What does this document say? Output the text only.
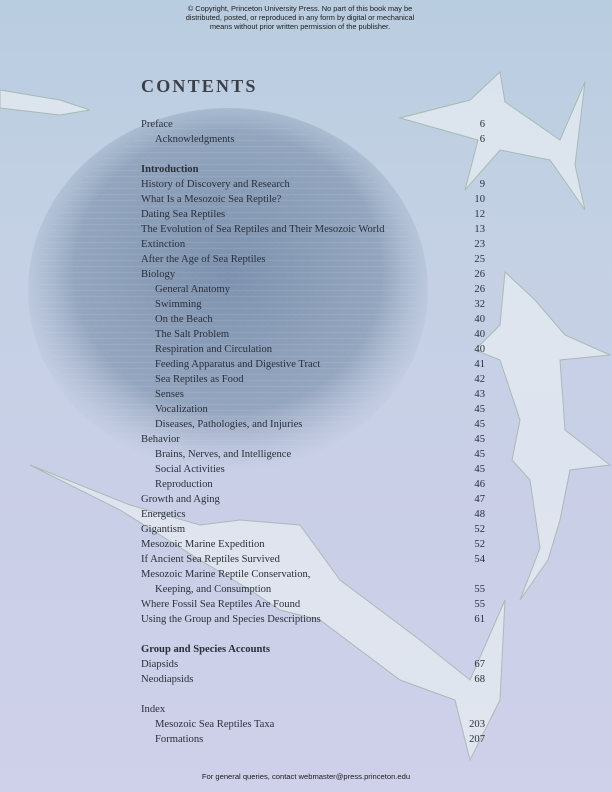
© Copyright, Princeton University Press. No part of this book may be
distributed, posted, or reproduced in any form by digital or mechanical
means without prior written permission of the publisher.
CONTENTS
Preface	6
Acknowledgments	6
Introduction
History of Discovery and Research	9
What Is a Mesozoic Sea Reptile?	10
Dating Sea Reptiles	12
The Evolution of Sea Reptiles and Their Mesozoic World	13
Extinction	23
After the Age of Sea Reptiles	25
Biology	26
General Anatomy	26
Swimming	32
On the Beach	40
The Salt Problem	40
Respiration and Circulation	40
Feeding Apparatus and Digestive Tract	41
Sea Reptiles as Food	42
Senses	43
Vocalization	45
Diseases, Pathologies, and Injuries	45
Behavior	45
Brains, Nerves, and Intelligence	45
Social Activities	45
Reproduction	46
Growth and Aging	47
Energetics	48
Gigantism	52
Mesozoic Marine Expedition	52
If Ancient Sea Reptiles Survived	54
Mesozoic Marine Reptile Conservation,
Keeping, and Consumption	55
Where Fossil Sea Reptiles Are Found	55
Using the Group and Species Descriptions	61
Group and Species Accounts
Diapsids	67
Neodiapsids	68
Index
Mesozoic Sea Reptiles Taxa	203
Formations	207
For general queries, contact webmaster@press.princeton.edu
